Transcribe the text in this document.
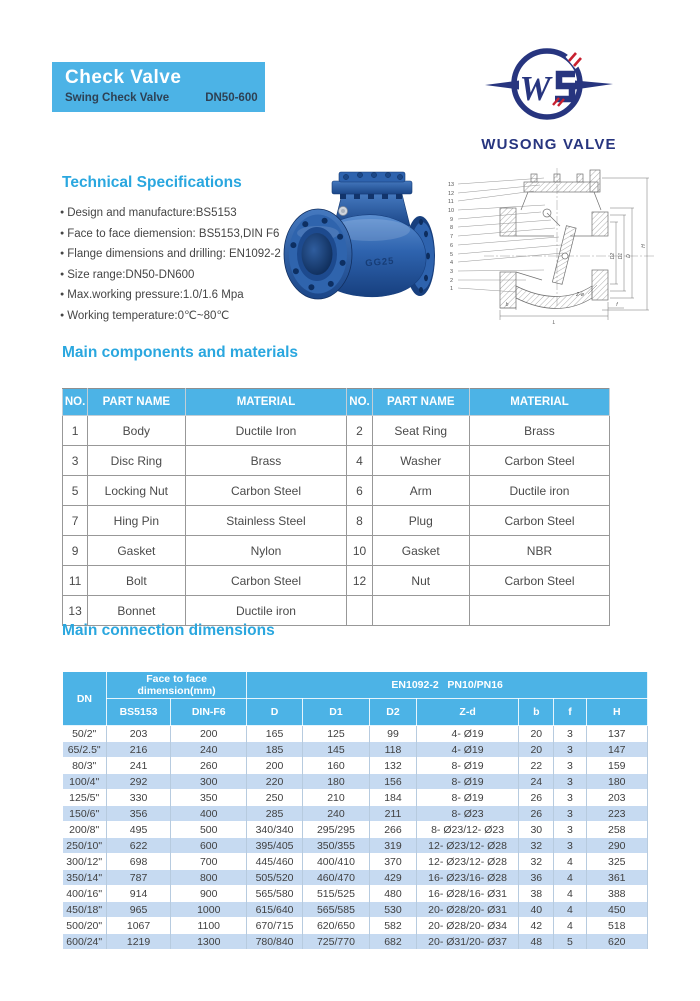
Check Valve
Swing Check Valve	DN50-600	W
WUSONG VALVE
Technical Specifications
● Design and manufacture:BS5153
● Face to face diemension: BS5153,DIN F6
● Flange dimensions and drilling: EN1092-2
● Size range:DN50-DN600
● Max.working pressure:1.0/1.6 Mpa
● Working temperature:0℃~80℃
GG25
13
12
11
10
9
8
7
6
5
4
3
2
1
L
b	f
Z-ø
D2 D1 D
H
Main components and materials
NO.	PART NAME	MATERIAL	NO.	PART NAME	MATERIAL
1	Body	Ductile Iron	2	Seat Ring	Brass
3	Disc Ring	Brass	4	Washer	Carbon Steel
5	Locking Nut	Carbon Steel	6	Arm	Ductile iron
7	Hing Pin	Stainless Steel	8	Plug	Carbon Steel
9	Gasket	Nylon	10	Gasket	NBR
11	Bolt	Carbon Steel	12	Nut	Carbon Steel
13	Bonnet	Ductile iron			
Main connection dimensions
DN	Face to face dimension(mm)		EN1092-2   PN10/PN16						
	BS5153	DIN-F6	D	D1	D2	Z-d	b	f	H
50/2"	203	200	165	125	99	4- Ø19	20	3	137
65/2.5"	216	240	185	145	118	4- Ø19	20	3	147
80/3"	241	260	200	160	132	8- Ø19	22	3	159
100/4"	292	300	220	180	156	8- Ø19	24	3	180
125/5"	330	350	250	210	184	8- Ø19	26	3	203
150/6"	356	400	285	240	211	8- Ø23	26	3	223
200/8"	495	500	340/340	295/295	266	8- Ø23/12- Ø23	30	3	258
250/10"	622	600	395/405	350/355	319	12- Ø23/12- Ø28	32	3	290
300/12"	698	700	445/460	400/410	370	12- Ø23/12- Ø28	32	4	325
350/14"	787	800	505/520	460/470	429	16- Ø23/16- Ø28	36	4	361
400/16"	914	900	565/580	515/525	480	16- Ø28/16- Ø31	38	4	388
450/18"	965	1000	615/640	565/585	530	20- Ø28/20- Ø31	40	4	450
500/20"	1067	1100	670/715	620/650	582	20- Ø28/20- Ø34	42	4	518
600/24"	1219	1300	780/840	725/770	682	20- Ø31/20- Ø37	48	5	620
